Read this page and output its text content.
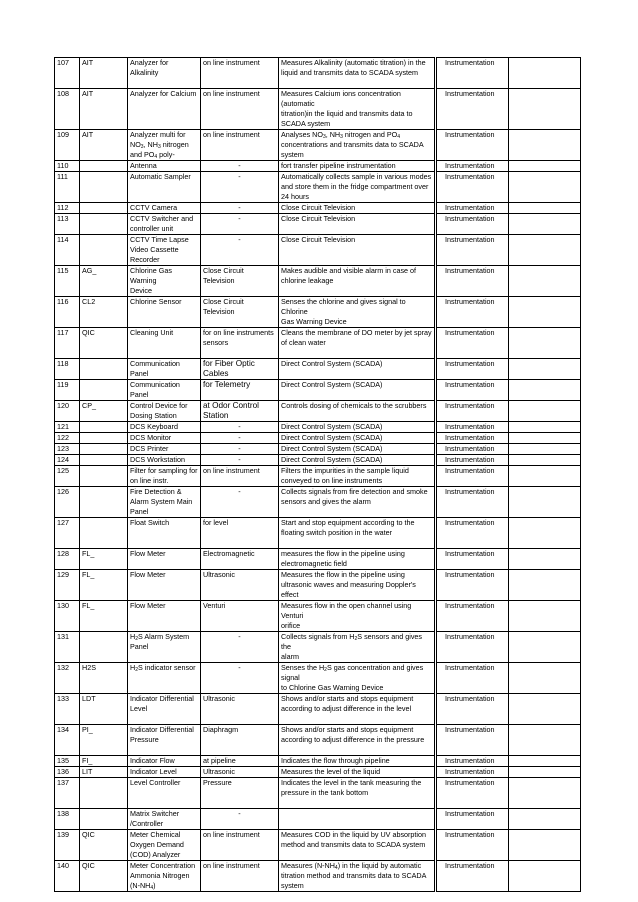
107	AIT	Analyzer for Alkalinity	on line instrument	Measures Alkalinity (automatic titration) in the
liquid and transmits data to SCADA system	Instrumentation	
108	AIT	Analyzer for Calcium	on line instrument	Measures Calcium ions concentration (automatic
titration)in the liquid and transmits data to
SCADA system	Instrumentation	
109	AIT	Analyzer multi for
$NO_3$, $NH_3$ nitrogen
and $PO_4$ poly-	on line instrument	Analyses $NO_3$, $NH_3$ nitrogen and $PO_4$
concentrations and transmits data to SCADA
system	Instrumentation	
110		Antenna	-	fort transfer pipeline instrumentation	Instrumentation	
111		Automatic Sampler	-	Automatically collects sample in various modes
and store them in the fridge compartment over
24 hours	Instrumentation	
112		CCTV Camera	-	Close Circuit Television	Instrumentation	
113		CCTV Switcher and
controller unit	-	Close Circuit Television	Instrumentation	
114		CCTV Time Lapse
Video Cassette
Recorder	-	Close Circuit Television	Instrumentation	
115	AG_	Chlorine Gas Warning
Device	Close Circuit Television	Makes audible and visible alarm in case of
chlorine leakage	Instrumentation	
116	CL2	Chlorine Sensor	Close Circuit Television	Senses the chlorine and gives signal to Chlorine
Gas Warning Device	Instrumentation	
117	QIC	Cleaning Unit	for on line instruments
sensors	Cleans the membrane of DO meter by jet spray
of clean water	Instrumentation	
118		Communication Panel	for Fiber Optic Cables	Direct Control System (SCADA)	Instrumentation	
119		Communication Panel	for Telemetry	Direct Control System (SCADA)	Instrumentation	
120	CP_	Control Device for
Dosing Station	at Odor Control
Station	Controls dosing of chemicals to the scrubbers	Instrumentation	
121		DCS Keyboard	-	Direct Control System (SCADA)	Instrumentation	
122		DCS Monitor	-	Direct Control System (SCADA)	Instrumentation	
123		DCS Printer	-	Direct Control System (SCADA)	Instrumentation	
124		DCS Workstation	-	Direct Control System (SCADA)	Instrumentation	
125		Filter for sampling for
on line instr.	on line instrument	Filters the impurities in the sample liquid
conveyed to on line instruments	Instrumentation	
126		Fire Detection &
Alarm System Main
Panel	-	Collects signals from fire detection and smoke
sensors and gives the alarm	Instrumentation	
127		Float Switch	for level	Start and stop equipment according to the
floating switch position in the water	Instrumentation	
128	FL_	Flow Meter	Electromagnetic	measures the flow in the pipeline using
electromagnetic field	Instrumentation	
129	FL_	Flow Meter	Ultrasonic	Measures the flow in the pipeline using
ultrasonic waves and measuring Doppler's effect	Instrumentation	
130	FL_	Flow Meter	Venturi	Measures flow in the open channel using Venturi
orifice	Instrumentation	
131		$H_2S$ Alarm System
Panel	-	Collects signals from $H_2S$ sensors and gives the
alarm	Instrumentation	
132	H2S	$H_2S$ indicator sensor	-	Senses the $H_2S$ gas concentration and gives signal
to Chlorine Gas Warning Device	Instrumentation	
133	LDT	Indicator Differential
Level	Ultrasonic	Shows and/or starts and stops equipment
according to adjust difference in the level	Instrumentation	
134	PI_	Indicator Differential
Pressure	Diaphragm	Shows and/or starts and stops equipment
according to adjust difference in the pressure	Instrumentation	
135	FI_	Indicator Flow	at pipeline	Indicates the flow through pipeline	Instrumentation	
136	LIT	Indicator Level	Ultrasonic	Measures the level of the liquid	Instrumentation	
137		Level Controller	Pressure	Indicates the level in the tank measuring the
pressure in the tank bottom	Instrumentation	
138		Matrix Switcher
/Controller	-		Instrumentation	
139	QIC	Meter Chemical
Oxygen Demand
(COD) Analyzer	on line instrument	Measures COD in the liquid by UV absorption
method and transmits data to SCADA system	Instrumentation	
140	QIC	Meter Concentration
Ammonia Nitrogen
$(N-NH_4)$	on line instrument	Measures $(N-NH_4)$ in the liquid by automatic
titration method and transmits data to SCADA
system	Instrumentation	
